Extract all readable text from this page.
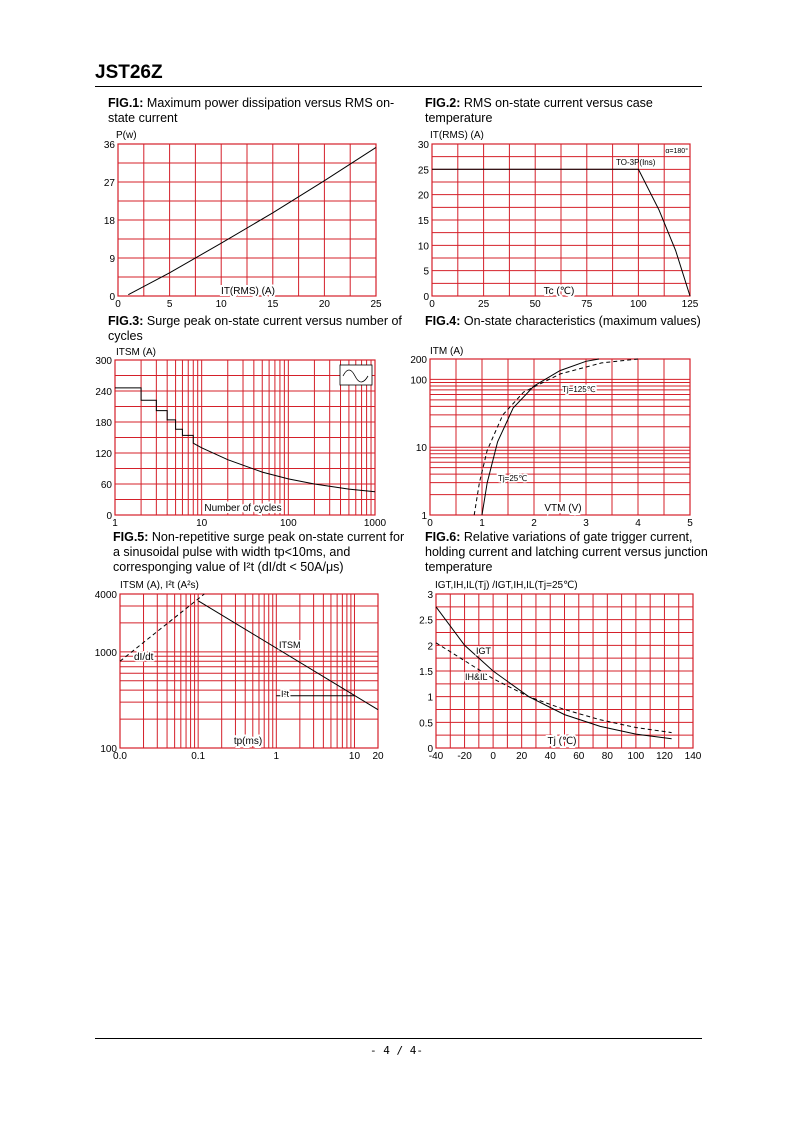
JST26Z
FIG.1: Maximum power dissipation versus RMS on-state current
FIG.2: RMS on-state current versus case temperature
FIG.3: Surge peak on-state current versus number of cycles
FIG.4: On-state characteristics (maximum values)
FIG.5: Non-repetitive surge peak on-state current for a sinusoidal pulse with width tp<10ms, and corresponging value of I²t (dI/dt < 50A/μs)
FIG.6: Relative variations of gate trigger current, holding current and latching current versus junction temperature
0	5	10	15	20	25
0
9
18
27
36
P(w)
IT(RMS) (A)
0	25	50	75	100	125
0
5
10
15
20
25
30
IT(RMS) (A)
Tc (℃)
α=180°
TO-3P(Ins)
1	10	100	1000
0
60
120
180
240
300
ITSM (A)
Number of cycles
0	1	2	3	4	5
1
10
100
200
ITM (A)
VTM (V)
Tj=125℃
Tj=25℃
0.0	0.1	1	10 20
100
1000
4000
ITSM (A), I²t (A²s)
tp(ms)
dI/dt
ITSM
I²t
-40 -20 0 20 40 60 80 100 120 140
0
0.5
1
1.5
2
2.5
3
IGT,IH,IL(Tj) /IGT,IH,IL(Tj=25℃)
Tj (℃)
IGT
IH&IL
- 4 / 4-
